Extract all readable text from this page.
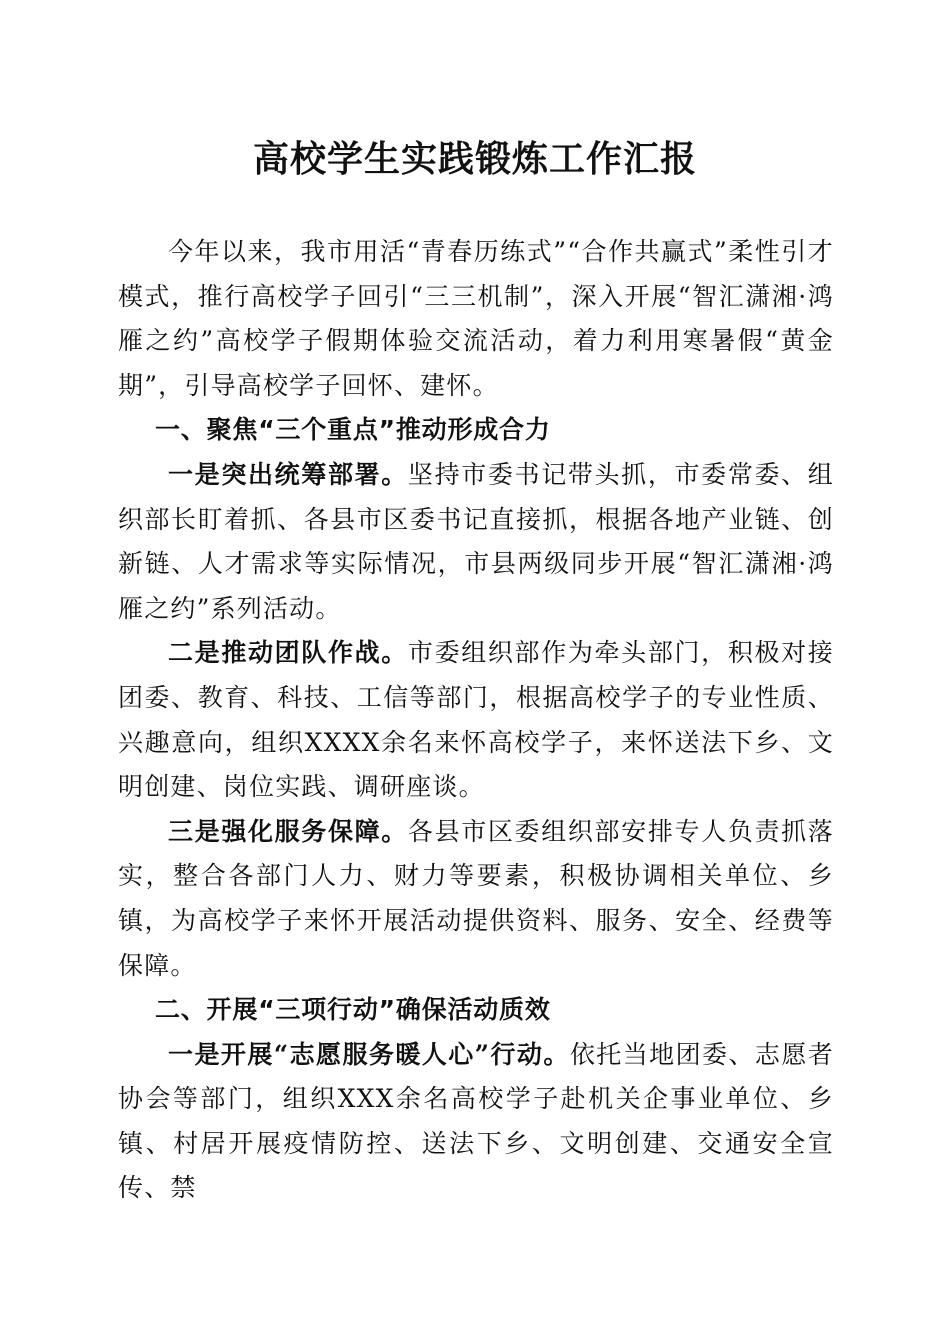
高校学生实践锻炼工作汇报

今年以来，我市用活“青春历练式”“合作共赢式”柔性引才模式，推行高校学子回引“三三机制”，深入开展“智汇潇湘·鸿雁之约”高校学子假期体验交流活动，着力利用寒暑假“黄金期”，引导高校学子回怀、建怀。

一、聚焦“三个重点”推动形成合力

一是突出统筹部署。坚持市委书记带头抓，市委常委、组织部长盯着抓、各县市区委书记直接抓，根据各地产业链、创新链、人才需求等实际情况，市县两级同步开展“智汇潇湘·鸿雁之约”系列活动。

二是推动团队作战。市委组织部作为牵头部门，积极对接团委、教育、科技、工信等部门，根据高校学子的专业性质、兴趣意向，组织XXXX余名来怀高校学子，来怀送法下乡、文明创建、岗位实践、调研座谈。

三是强化服务保障。各县市区委组织部安排专人负责抓落实，整合各部门人力、财力等要素，积极协调相关单位、乡镇，为高校学子来怀开展活动提供资料、服务、安全、经费等保障。

二、开展“三项行动”确保活动质效

一是开展“志愿服务暖人心”行动。依托当地团委、志愿者协会等部门，组织XXX余名高校学子赴机关企事业单位、乡镇、村居开展疫情防控、送法下乡、文明创建、交通安全宣传、禁
